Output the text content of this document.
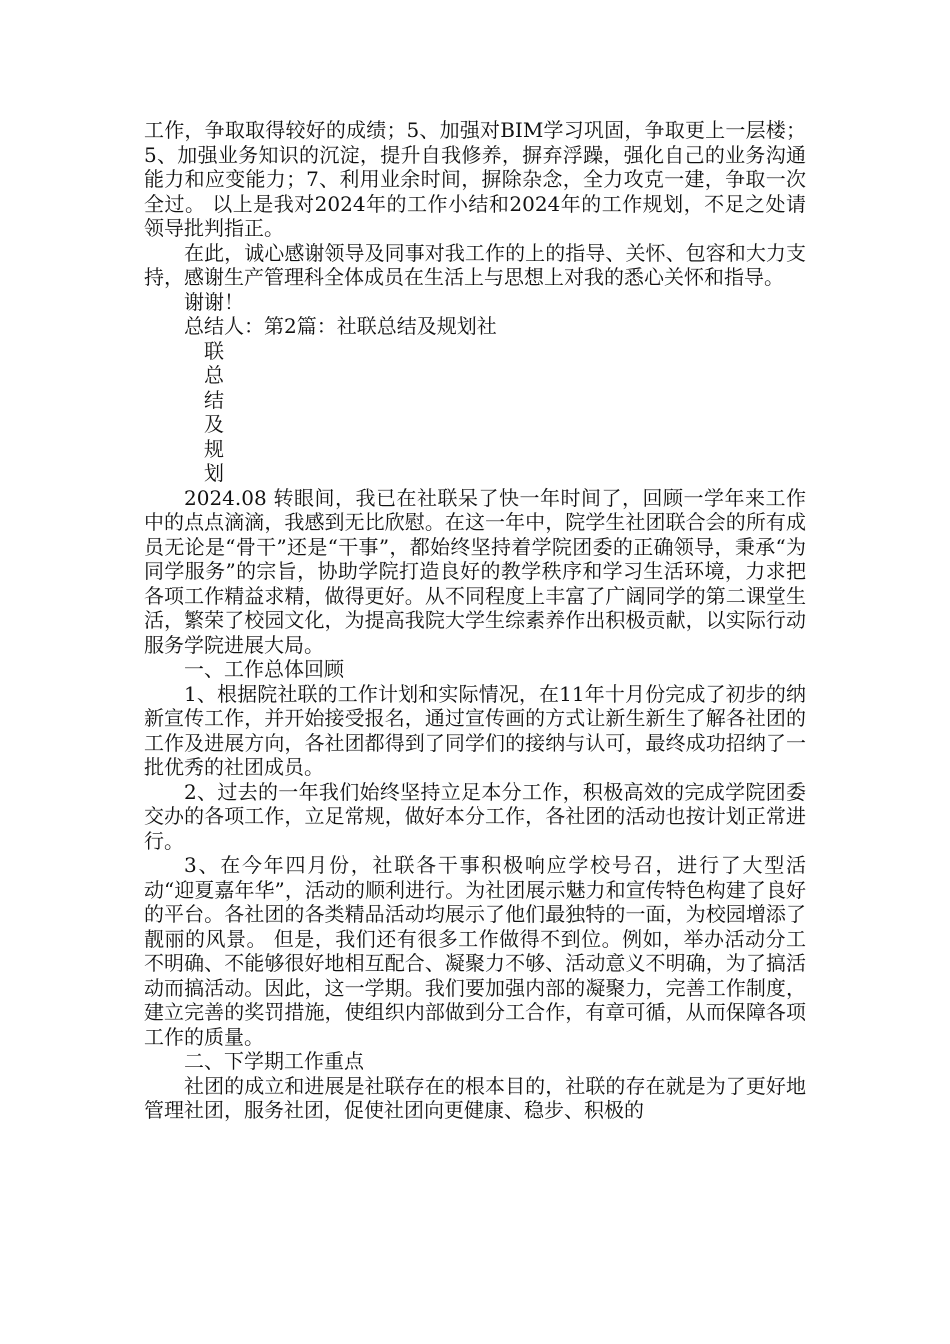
工作，争取取得较好的成绩；5、加强对BIM学习巩固，争取更上一层楼；5、加强业务知识的沉淀，提升自我修养，摒弃浮躁，强化自己的业务沟通能力和应变能力；7、利用业余时间，摒除杂念，全力攻克一建，争取一次全过。 以上是我对2024年的工作小结和2024年的工作规划，不足之处请领导批判指正。

在此，诚心感谢领导及同事对我工作的上的指导、关怀、包容和大力支持，感谢生产管理科全体成员在生活上与思想上对我的悉心关怀和指导。

谢谢！

总结人：第2篇：社联总结及规划社

联

总

结

及

规

划

2024.08 转眼间，我已在社联呆了快一年时间了，回顾一学年来工作中的点点滴滴，我感到无比欣慰。在这一年中，院学生社团联合会的所有成员无论是“骨干”还是“干事”，都始终坚持着学院团委的正确领导，秉承“为同学服务”的宗旨，协助学院打造良好的教学秩序和学习生活环境，力求把各项工作精益求精，做得更好。从不同程度上丰富了广阔同学的第二课堂生活，繁荣了校园文化，为提高我院大学生综素养作出积极贡献，以实际行动服务学院进展大局。

一、工作总体回顾

1、根据院社联的工作计划和实际情况，在11年十月份完成了初步的纳新宣传工作，并开始接受报名，通过宣传画的方式让新生新生了解各社团的工作及进展方向，各社团都得到了同学们的接纳与认可，最终成功招纳了一批优秀的社团成员。

2、过去的一年我们始终坚持立足本分工作，积极高效的完成学院团委交办的各项工作，立足常规，做好本分工作，各社团的活动也按计划正常进行。

3、在今年四月份，社联各干事积极响应学校号召，进行了大型活动“迎夏嘉年华”，活动的顺利进行。为社团展示魅力和宣传特色构建了良好的平台。各社团的各类精品活动均展示了他们最独特的一面，为校园增添了靓丽的风景。 但是，我们还有很多工作做得不到位。例如，举办活动分工不明确、不能够很好地相互配合、凝聚力不够、活动意义不明确，为了搞活动而搞活动。因此，这一学期。我们要加强内部的凝聚力，完善工作制度，建立完善的奖罚措施，使组织内部做到分工合作，有章可循，从而保障各项工作的质量。

二、下学期工作重点

社团的成立和进展是社联存在的根本目的，社联的存在就是为了更好地管理社团，服务社团，促使社团向更健康、稳步、积极的
